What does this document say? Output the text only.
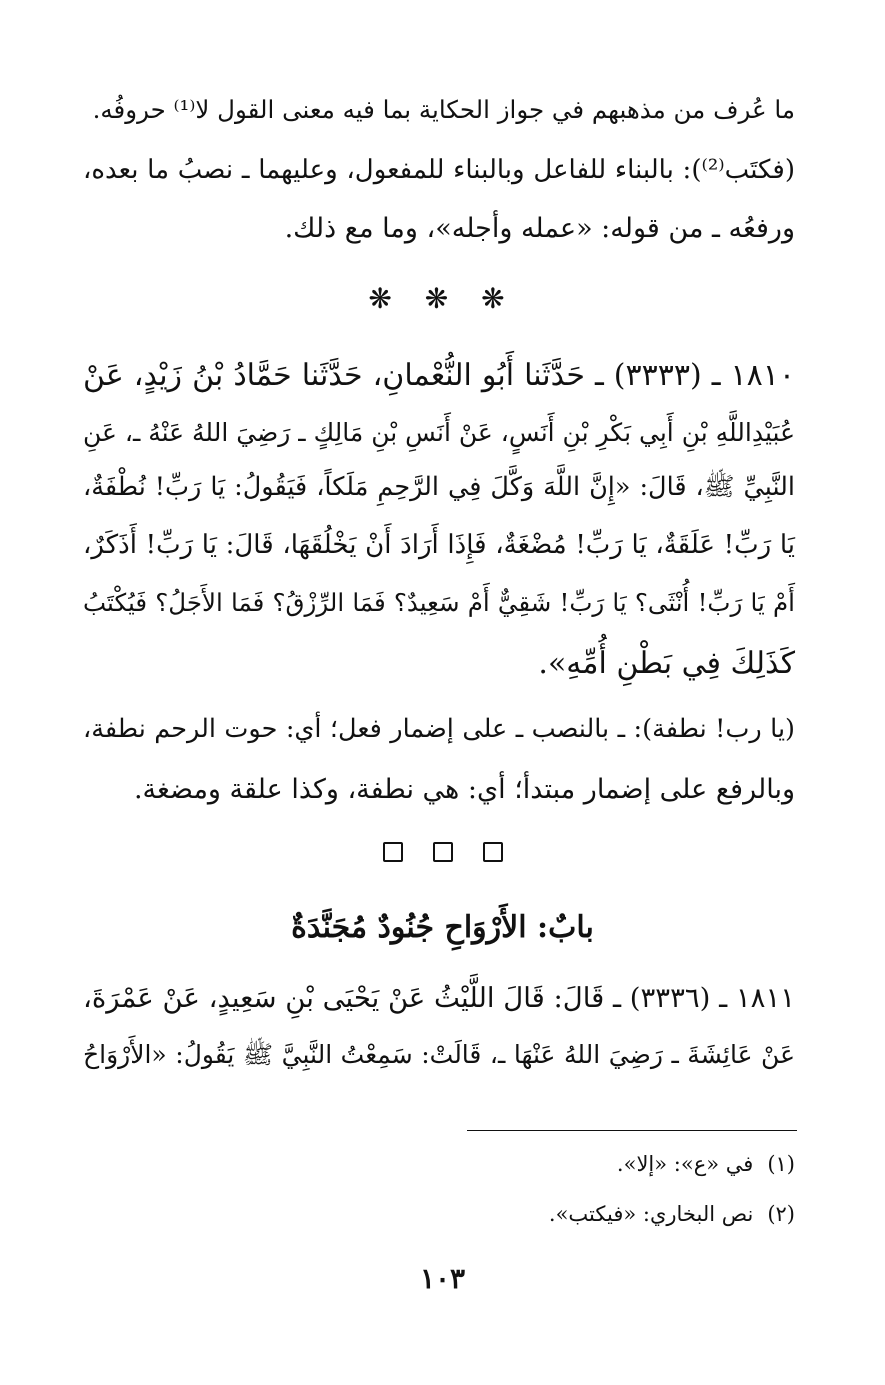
ما عُرف من مذهبهم في جواز الحكاية بما فيه معنى القول لا⁽¹⁾ حروفُه.
(فكتَب⁽²⁾): بالبناء للفاعل وبالبناء للمفعول، وعليهما ـ نصبُ ما بعده،
ورفعُه ـ من قوله: «عمله وأجله»، وما مع ذلك.
❋ ❋ ❋
١٨١٠ ـ (٣٣٣٣) ـ حَدَّثَنا أَبُو النُّعْمانِ، حَدَّثَنا حَمَّادُ بْنُ زَيْدٍ، عَنْ
عُبَيْدِاللَّهِ بْنِ أَبِي بَكْرِ بْنِ أَنَسٍ، عَنْ أَنَسِ بْنِ مَالِكٍ ـ رَضِيَ اللهُ عَنْهُ ـ، عَنِ
النَّبِيِّ ﷺ، قَالَ: «إِنَّ اللَّهَ وَكَّلَ فِي الرَّحِمِ مَلَكاً، فَيَقُولُ: يَا رَبِّ! نُطْفَةٌ،
يَا رَبِّ! عَلَقَةٌ، يَا رَبِّ! مُضْغَةٌ، فَإِذَا أَرَادَ أَنْ يَخْلُقَهَا، قَالَ: يَا رَبِّ! أَذَكَرٌ،
أَمْ يَا رَبِّ! أُنْثَى؟ يَا رَبِّ! شَقِيٌّ أَمْ سَعِيدٌ؟ فَمَا الرِّزْقُ؟ فَمَا الأَجَلُ؟ فَيُكْتَبُ
كَذَلِكَ فِي بَطْنِ أُمِّهِ».
(يا رب! نطفة): ـ بالنصب ـ على إضمار فعل؛ أي: حوت الرحم نطفة،
وبالرفع على إضمار مبتدأ؛ أي: هي نطفة، وكذا علقة ومضغة.
بابٌ: الأَرْوَاحِ جُنُودٌ مُجَنَّدَةٌ
١٨١١ ـ (٣٣٣٦) ـ قَالَ: قَالَ اللَّيْثُ عَنْ يَحْيَى بْنِ سَعِيدٍ، عَنْ عَمْرَةَ،
عَنْ عَائِشَةَ ـ رَضِيَ اللهُ عَنْهَا ـ، قَالَتْ: سَمِعْتُ النَّبِيَّ ﷺ يَقُولُ: «الأَرْوَاحُ
(١)في «ع»: «إلا».
(٢)نص البخاري: «فيكتب».
١٠٣
